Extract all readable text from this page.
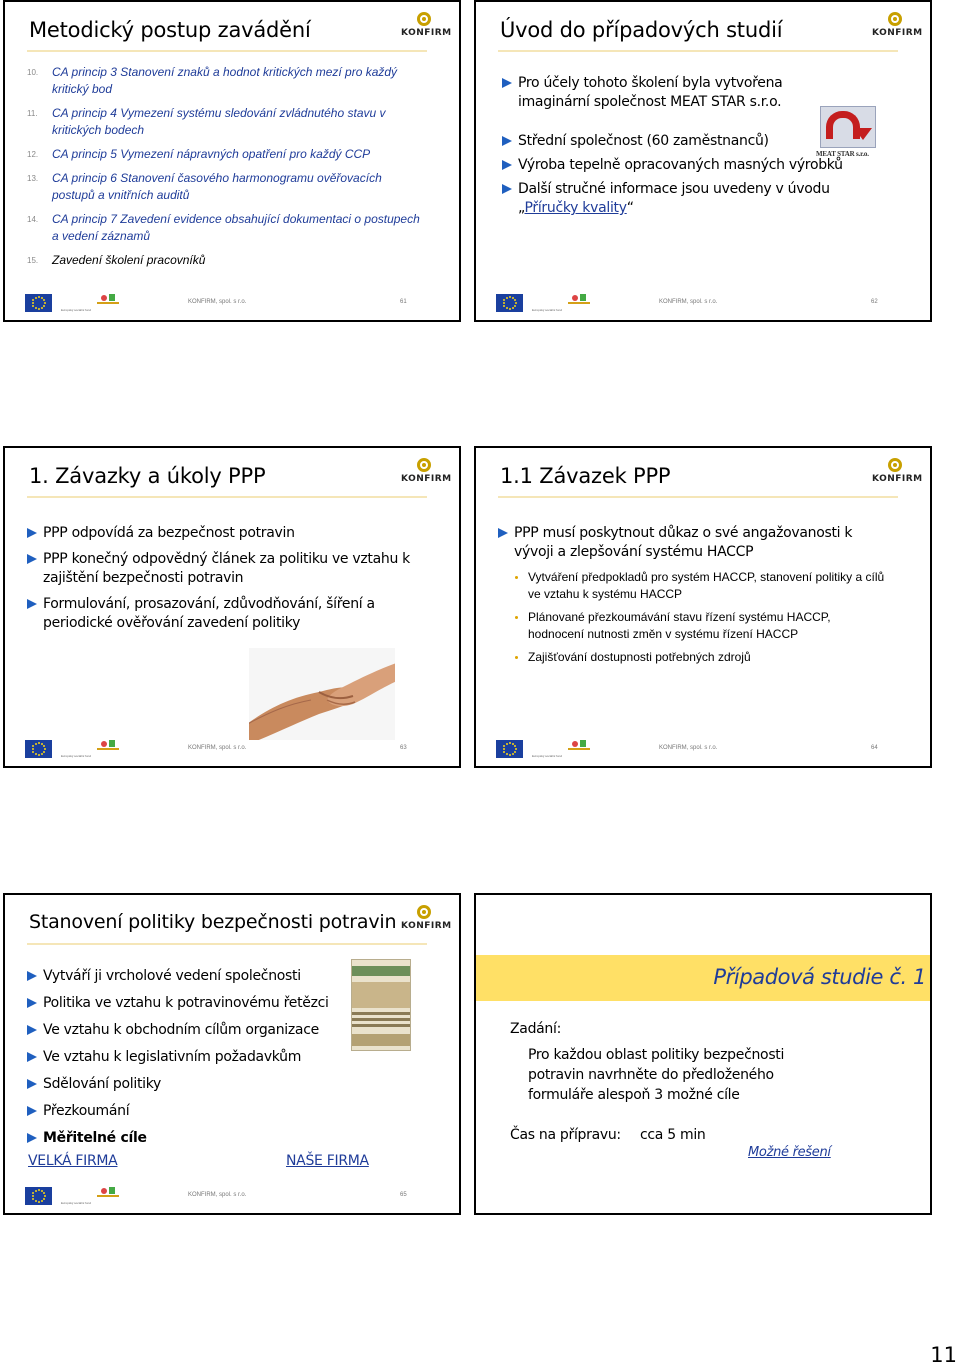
Metodický postup zavádění	KONFIRM
10. CA princip 3 Stanovení znaků a hodnot kritických mezí pro každý kritický bod
11. CA princip 4 Vymezení systému sledování zvládnutého stavu v kritických bodech
12. CA princip 5 Vymezení nápravných opatření pro každý CCP
13. CA princip 6 Stanovení časového harmonogramu ověřovacích postupů a vnitřních auditů
14. CA princip 7 Zavedení evidence obsahující dokumentaci o postupech a vedení záznamů
15. Zavedení školení pracovníků
Evropský sociální fond
KONFIRM, spol. s r.o.	61
Úvod do případových studií	KONFIRM
Pro účely tohoto školení byla vytvořena imaginární společnost MEAT STAR s.r.o.
Střední společnost (60 zaměstnanců)
Výroba tepelně opracovaných masných výrobků
Další stručné informace jsou uvedeny v úvodu
„Příručky kvality“
MEAT STAR s.r.o.
Evropský sociální fond
KONFIRM, spol. s r.o.	62
1. Závazky a úkoly PPP	KONFIRM
PPP odpovídá za bezpečnost potravin
PPP konečný odpovědný článek za politiku ve vztahu k zajištění bezpečnosti potravin
Formulování, prosazování, zdůvodňování, šíření a periodické ověřování zavedení politiky
Evropský sociální fond
KONFIRM, spol. s r.o.	63
1.1 Závazek PPP	KONFIRM
PPP musí poskytnout důkaz o své angažovanosti k vývoji a zlepšování systému HACCP
Vytváření předpokladů pro systém HACCP, stanovení politiky a cílů ve vztahu k systému HACCP
Plánované přezkoumávání stavu řízení systému HACCP, hodnocení nutnosti změn v systému řízení HACCP
Zajišťování dostupnosti potřebných zdrojů
Evropský sociální fond
KONFIRM, spol. s r.o.	64
Stanovení politiky bezpečnosti potravin KONFIRM
Vytváří ji vrcholové vedení společnosti
Politika ve vztahu k potravinovému řetězci
Ve vztahu k obchodním cílům organizace
Ve vztahu k legislativním požadavkům
Sdělování politiky
Přezkoumání
Měřitelné cíle
VELKÁ FIRMA	NAŠE FIRMA
Evropský sociální fond
KONFIRM, spol. s r.o.	65
Případová studie č. 1
Zadání:
Pro každou oblast politiky bezpečnosti potravin navrhněte do předloženého formuláře alespoň 3 možné cíle
Čas na přípravu: cca 5 min
Možné řešení
11
